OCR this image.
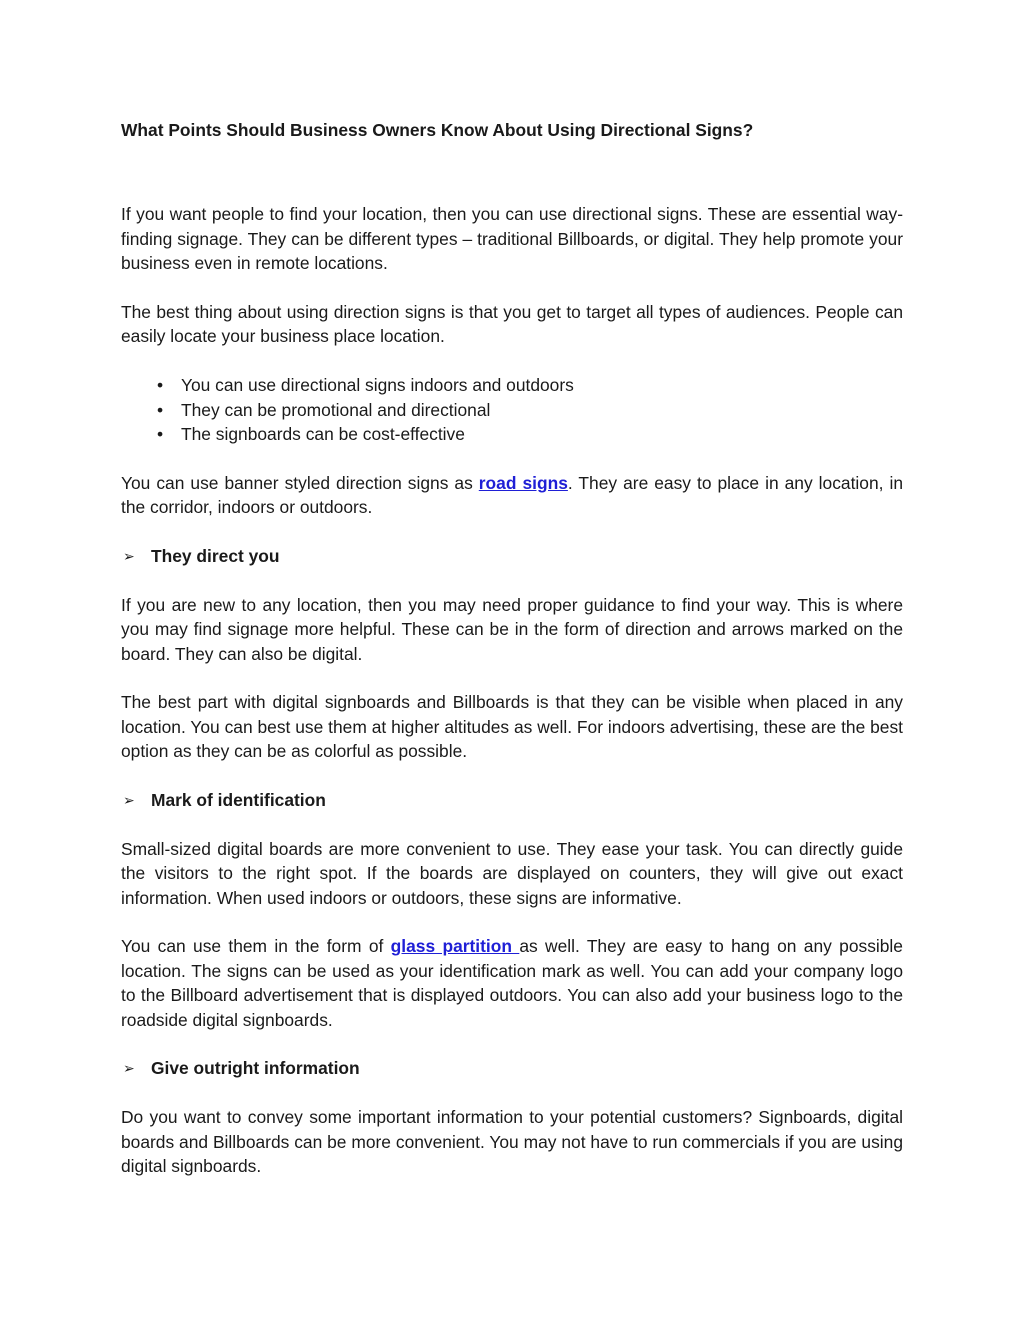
What Points Should Business Owners Know About Using Directional Signs?

If you want people to find your location, then you can use directional signs. These are essential way-finding signage. They can be different types – traditional Billboards, or digital. They help promote your business even in remote locations.

The best thing about using direction signs is that you get to target all types of audiences. People can easily locate your business place location.

• You can use directional signs indoors and outdoors
• They can be promotional and directional
• The signboards can be cost-effective

You can use banner styled direction signs as road signs. They are easy to place in any location, in the corridor, indoors or outdoors.

➢ They direct you

If you are new to any location, then you may need proper guidance to find your way. This is where you may find signage more helpful. These can be in the form of direction and arrows marked on the board. They can also be digital.

The best part with digital signboards and Billboards is that they can be visible when placed in any location. You can best use them at higher altitudes as well. For indoors advertising, these are the best option as they can be as colorful as possible.

➢ Mark of identification

Small-sized digital boards are more convenient to use. They ease your task. You can directly guide the visitors to the right spot. If the boards are displayed on counters, they will give out exact information. When used indoors or outdoors, these signs are informative.

You can use them in the form of glass partition as well. They are easy to hang on any possible location. The signs can be used as your identification mark as well. You can add your company logo to the Billboard advertisement that is displayed outdoors. You can also add your business logo to the roadside digital signboards.

➢ Give outright information

Do you want to convey some important information to your potential customers? Signboards, digital boards and Billboards can be more convenient. You may not have to run commercials if you are using digital signboards.
